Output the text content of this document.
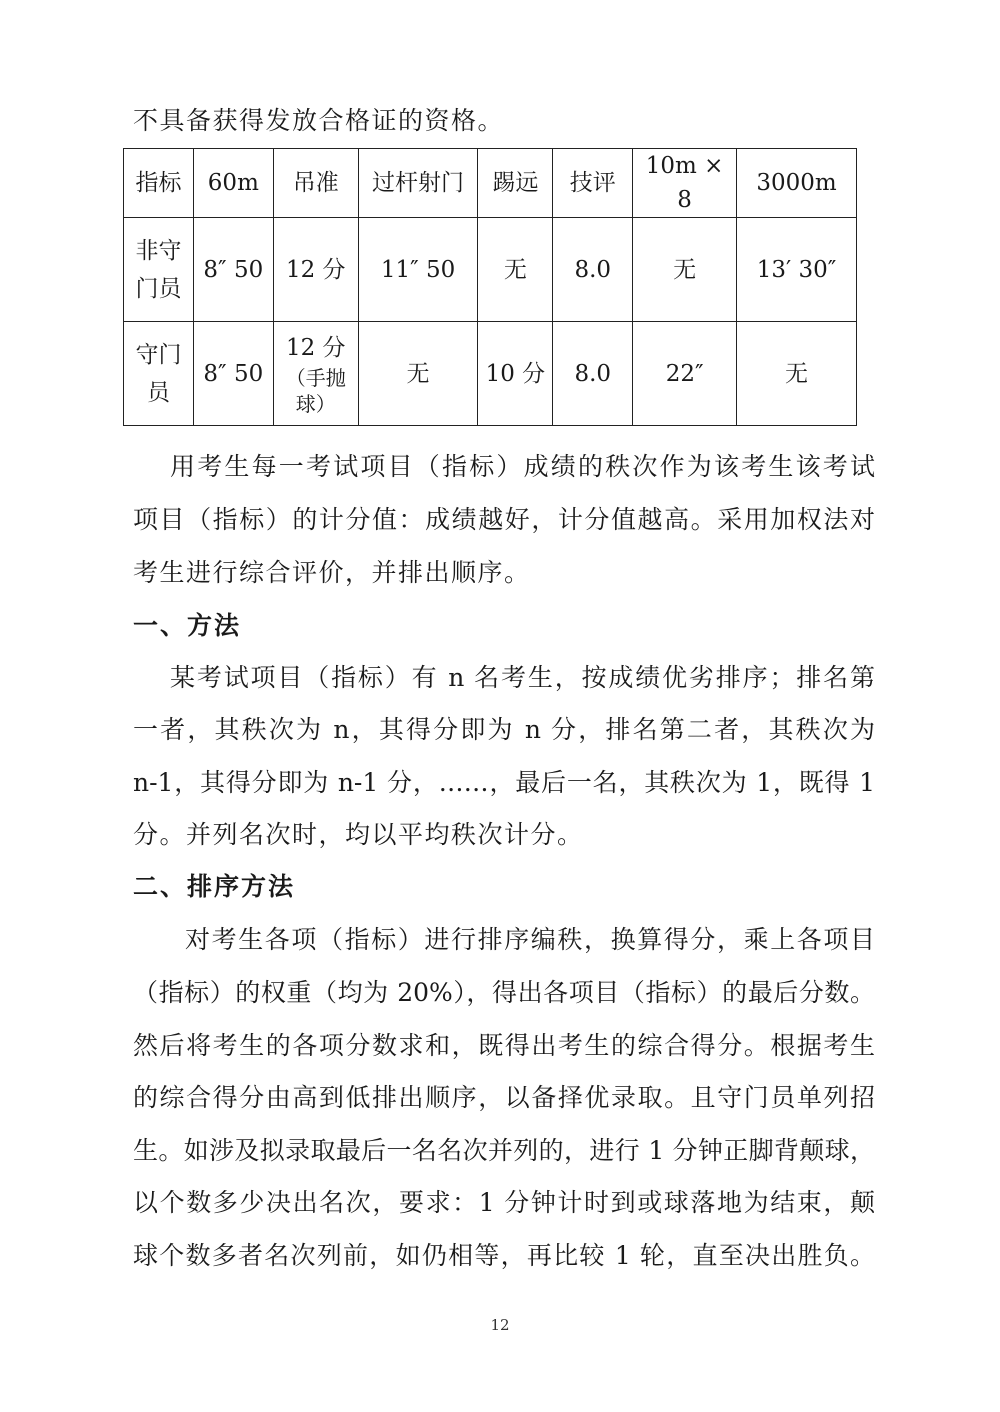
不具备获得发放合格证的资格。
指标	60m	吊准	过杆射门	踢远	技评	10m × 8	3000m

非守
门员	8″ 50	12 分	11″ 50	无	8.0	无	13′ 30″

守门
员	8″ 50	12 分
（手抛
球）	无	10 分	8.0	22″	无
用考生每一考试项目（指标）成绩的秩次作为该考生该考试
项目（指标）的计分值：成绩越好，计分值越高。采用加权法对
考生进行综合评价，并排出顺序。
一、方法
某考试项目（指标）有 n 名考生，按成绩优劣排序；排名第
一者，其秩次为 n，其得分即为 n 分，排名第二者，其秩次为
n-1，其得分即为 n-1 分，……，最后一名，其秩次为 1，既得 1
分。并列名次时，均以平均秩次计分。
二、排序方法
对考生各项（指标）进行排序编秩，换算得分，乘上各项目
（指标）的权重（均为 20%），得出各项目（指标）的最后分数。
然后将考生的各项分数求和，既得出考生的综合得分。根据考生
的综合得分由高到低排出顺序，以备择优录取。且守门员单列招
生。如涉及拟录取最后一名名次并列的，进行 1 分钟正脚背颠球，
以个数多少决出名次，要求：1 分钟计时到或球落地为结束，颠
球个数多者名次列前，如仍相等，再比较 1 轮，直至决出胜负。
12
